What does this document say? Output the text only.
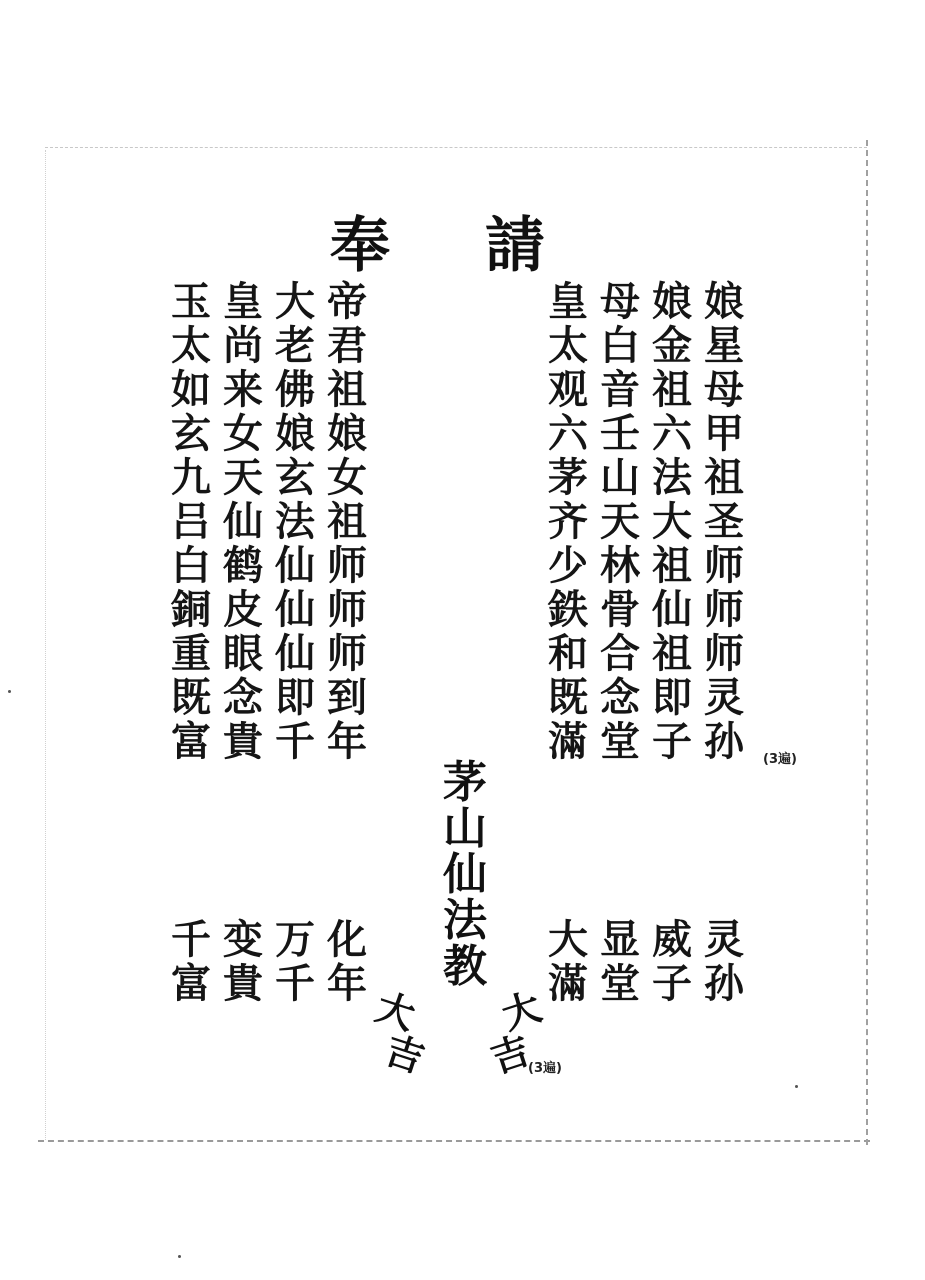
奉 請
玉 皇 大 帝
太 尚 老 君
如 来 佛 祖
玄 女 娘 娘
九 天 玄 女
吕 仙 法 祖
白 鹤 仙 师
銅 皮 仙 师
重 眼 仙 师
既 念 即 到
富 貴 千 年
皇 母 娘 娘
太 白 金 星
观 音 祖 母
六 壬 六 甲
茅 山 法 祖
齐 天 大 圣
少 林 祖 师
鉄 骨 仙 师
和 合 祖 师
既 念 即 灵
滿 堂 子 孙	(3遍)
茅
山
仙
法
教
千 变 万 化
富 貴 千 年
大 显 威 灵
滿 堂 子 孙
大
吉
大
吉
(3遍)
